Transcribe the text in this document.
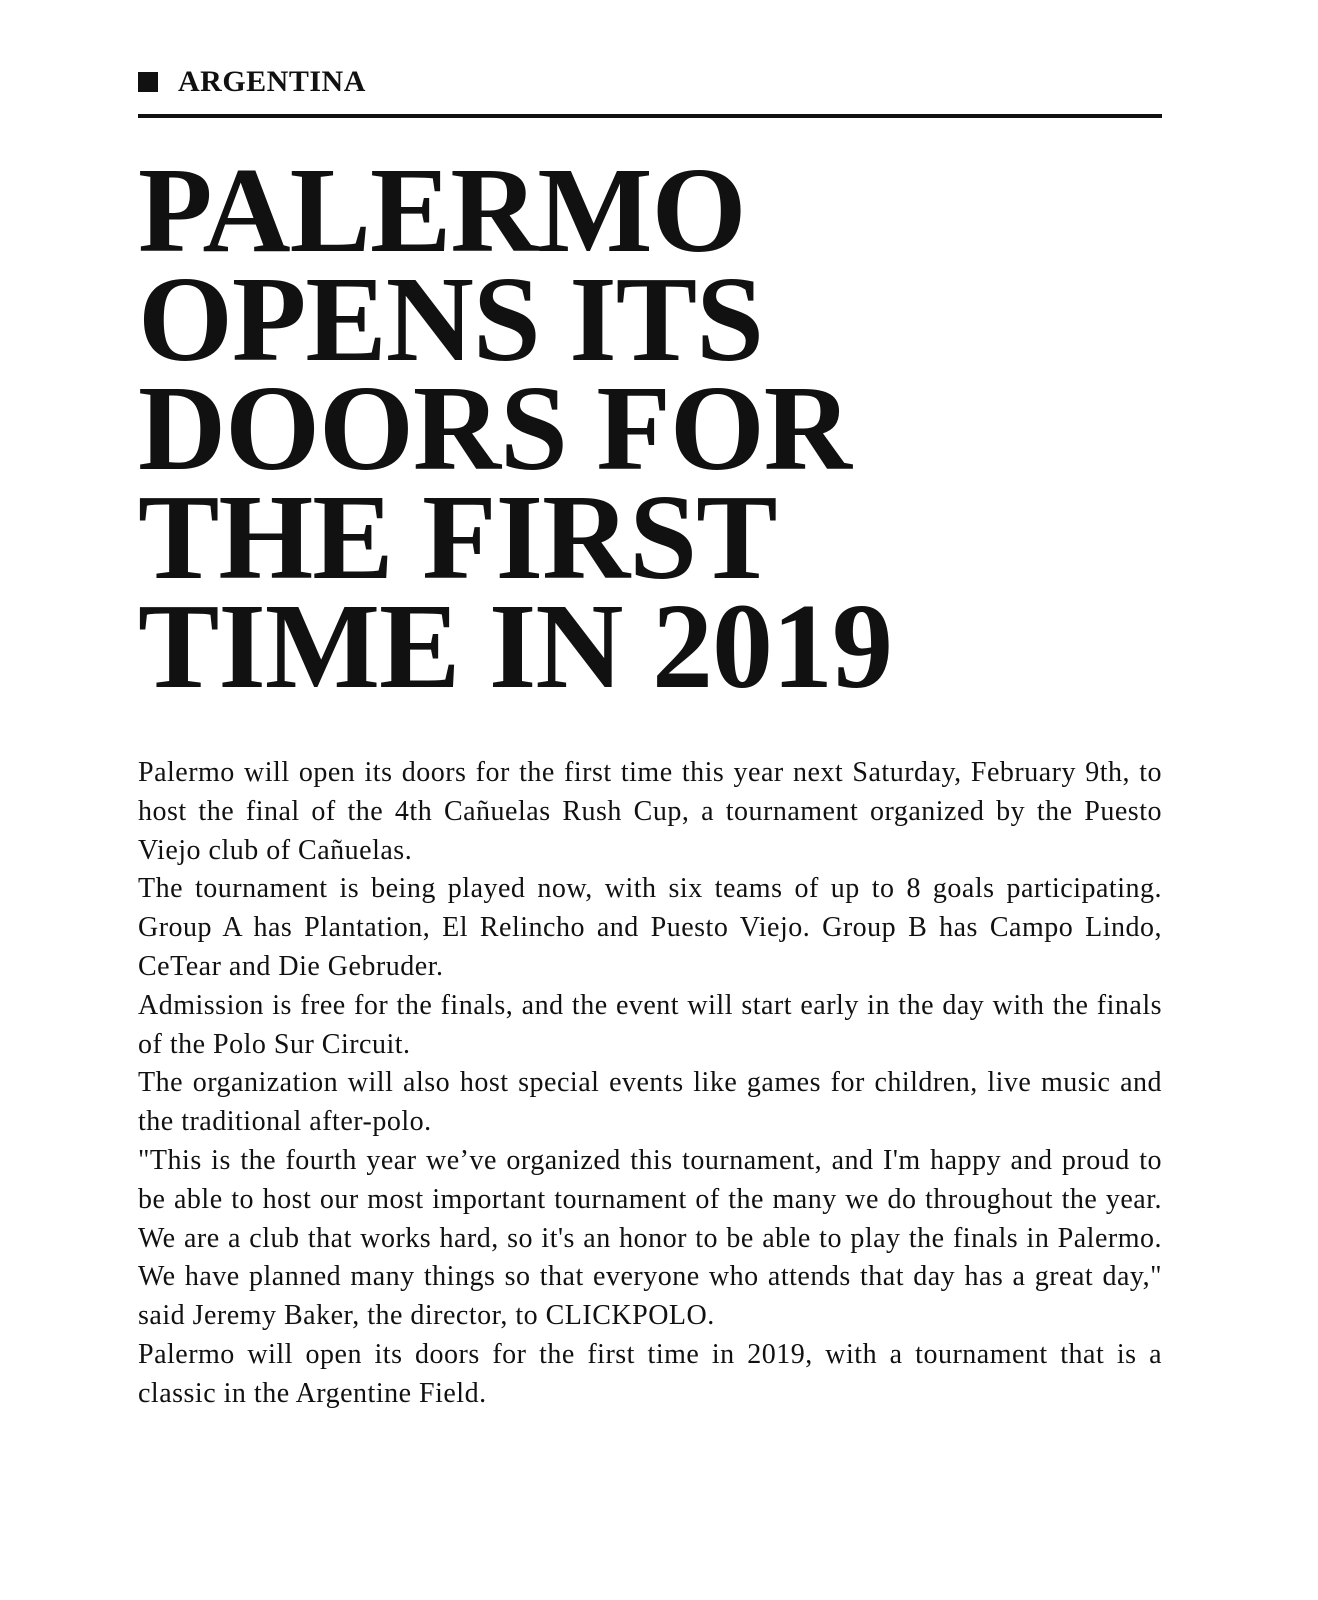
ARGENTINA
PALERMO
OPENS ITS
DOORS FOR
THE FIRST
TIME IN 2019

Palermo will open its doors for the first time this year next Saturday, February 9th, to host the final of the 4th Cañuelas Rush Cup, a tournament organized by the Puesto Viejo club of Cañuelas.

The tournament is being played now, with six teams of up to 8 goals participating. Group A has Plantation, El Relincho and Puesto Viejo. Group B has Campo Lindo, CeTear and Die Gebruder.

Admission is free for the finals, and the event will start early in the day with the finals of the Polo Sur Circuit.

The organization will also host special events like games for children, live music and the traditional after-polo.

"This is the fourth year we’ve organized this tournament, and I'm happy and proud to be able to host our most important tournament of the many we do throughout the year. We are a club that works hard, so it's an honor to be able to play the finals in Palermo. We have planned many things so that everyone who attends that day has a great day," said Jeremy Baker, the director, to CLICKPOLO.

Palermo will open its doors for the first time in 2019, with a tournament that is a classic in the Argentine Field.
